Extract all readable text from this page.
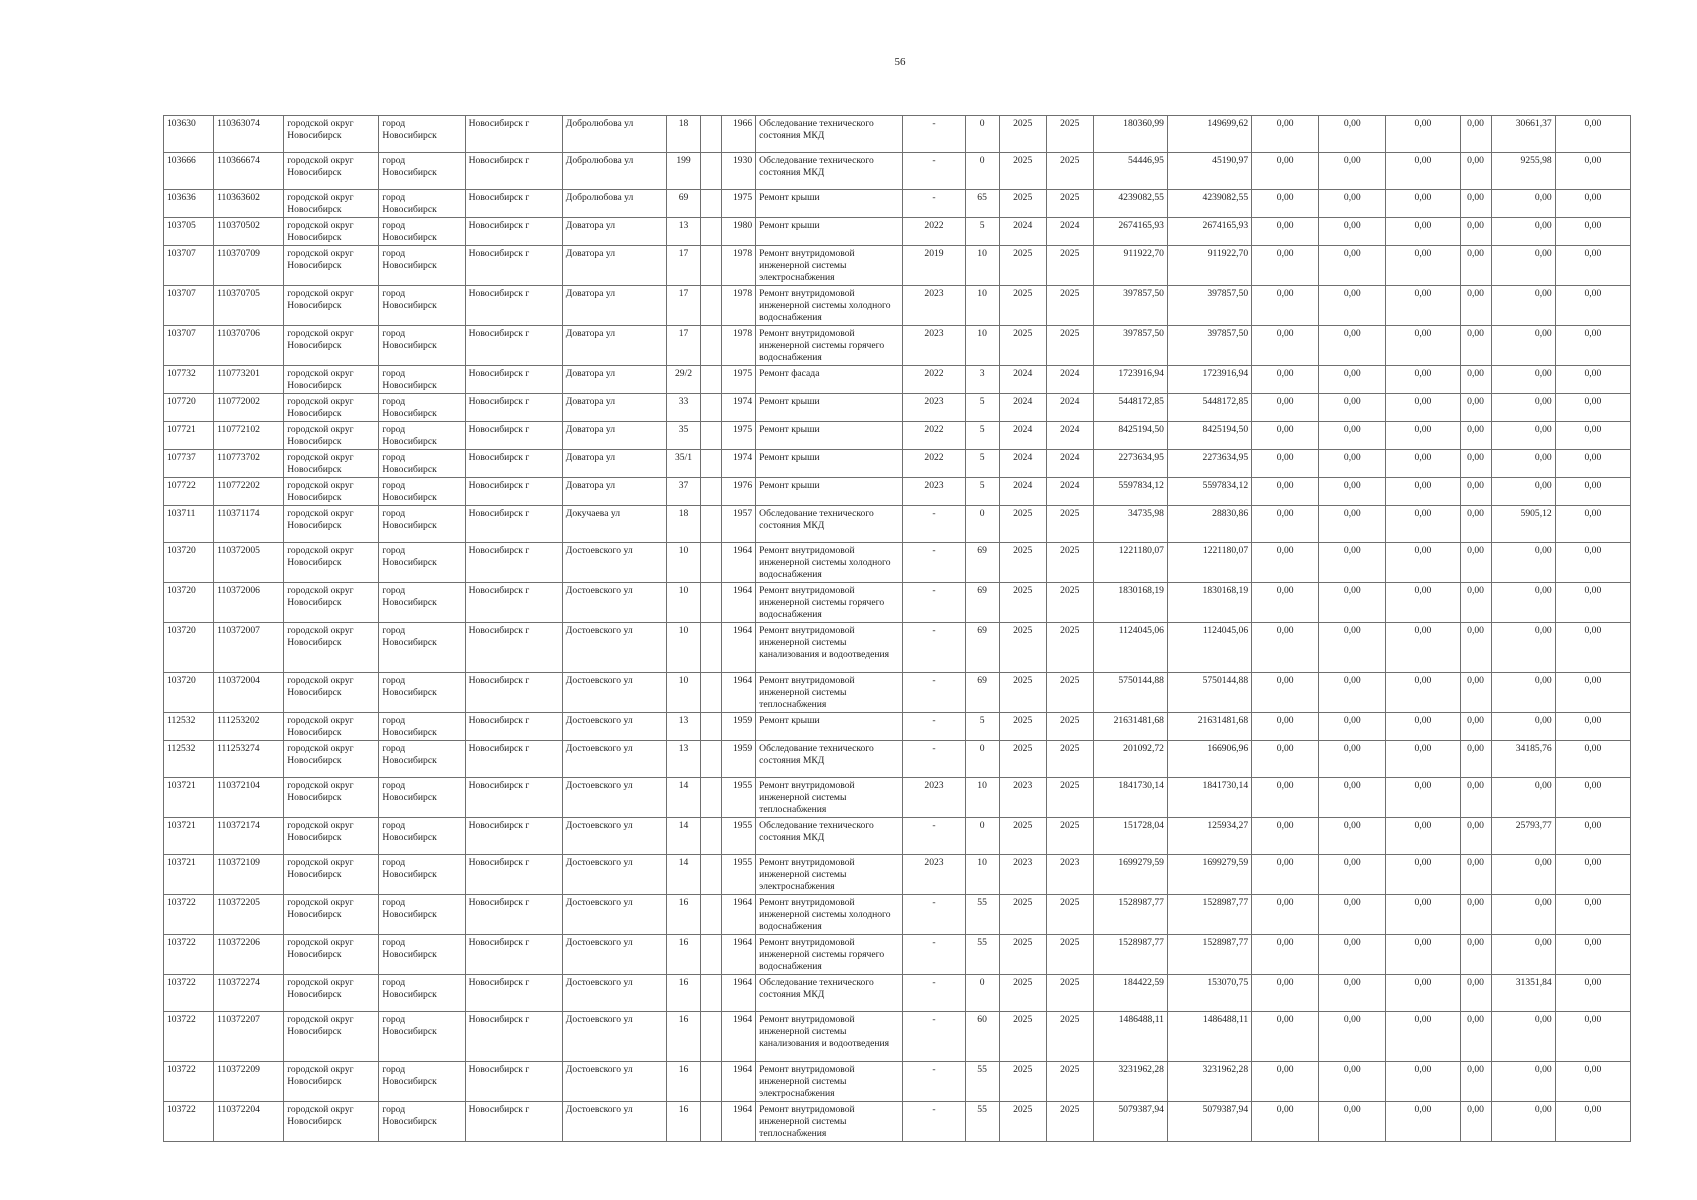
56
103630	110363074	городской округ Новосибирск	город Новосибирск	Новосибирск г	Добролюбова ул	18		1966	Обследование технического состояния МКД	-	0	2025	2025	180360,99	149699,62	0,00	0,00	0,00	0,00	30661,37	0,00
103666	110366674	городской округ Новосибирск	город Новосибирск	Новосибирск г	Добролюбова ул	199		1930	Обследование технического состояния МКД	-	0	2025	2025	54446,95	45190,97	0,00	0,00	0,00	0,00	9255,98	0,00
103636	110363602	городской округ Новосибирск	город Новосибирск	Новосибирск г	Добролюбова ул	69		1975	Ремонт крыши	-	65	2025	2025	4239082,55	4239082,55	0,00	0,00	0,00	0,00	0,00	0,00
103705	110370502	городской округ Новосибирск	город Новосибирск	Новосибирск г	Доватора ул	13		1980	Ремонт крыши	2022	5	2024	2024	2674165,93	2674165,93	0,00	0,00	0,00	0,00	0,00	0,00
103707	110370709	городской округ Новосибирск	город Новосибирск	Новосибирск г	Доватора ул	17		1978	Ремонт внутридомовой инженерной системы электроснабжения	2019	10	2025	2025	911922,70	911922,70	0,00	0,00	0,00	0,00	0,00	0,00
103707	110370705	городской округ Новосибирск	город Новосибирск	Новосибирск г	Доватора ул	17		1978	Ремонт внутридомовой инженерной системы холодного водоснабжения	2023	10	2025	2025	397857,50	397857,50	0,00	0,00	0,00	0,00	0,00	0,00
103707	110370706	городской округ Новосибирск	город Новосибирск	Новосибирск г	Доватора ул	17		1978	Ремонт внутридомовой инженерной системы горячего водоснабжения	2023	10	2025	2025	397857,50	397857,50	0,00	0,00	0,00	0,00	0,00	0,00
107732	110773201	городской округ Новосибирск	город Новосибирск	Новосибирск г	Доватора ул	29/2		1975	Ремонт фасада	2022	3	2024	2024	1723916,94	1723916,94	0,00	0,00	0,00	0,00	0,00	0,00
107720	110772002	городской округ Новосибирск	город Новосибирск	Новосибирск г	Доватора ул	33		1974	Ремонт крыши	2023	5	2024	2024	5448172,85	5448172,85	0,00	0,00	0,00	0,00	0,00	0,00
107721	110772102	городской округ Новосибирск	город Новосибирск	Новосибирск г	Доватора ул	35		1975	Ремонт крыши	2022	5	2024	2024	8425194,50	8425194,50	0,00	0,00	0,00	0,00	0,00	0,00
107737	110773702	городской округ Новосибирск	город Новосибирск	Новосибирск г	Доватора ул	35/1		1974	Ремонт крыши	2022	5	2024	2024	2273634,95	2273634,95	0,00	0,00	0,00	0,00	0,00	0,00
107722	110772202	городской округ Новосибирск	город Новосибирск	Новосибирск г	Доватора ул	37		1976	Ремонт крыши	2023	5	2024	2024	5597834,12	5597834,12	0,00	0,00	0,00	0,00	0,00	0,00
103711	110371174	городской округ Новосибирск	город Новосибирск	Новосибирск г	Докучаева ул	18		1957	Обследование технического состояния МКД	-	0	2025	2025	34735,98	28830,86	0,00	0,00	0,00	0,00	5905,12	0,00
103720	110372005	городской округ Новосибирск	город Новосибирск	Новосибирск г	Достоевского ул	10		1964	Ремонт внутридомовой инженерной системы холодного водоснабжения	-	69	2025	2025	1221180,07	1221180,07	0,00	0,00	0,00	0,00	0,00	0,00
103720	110372006	городской округ Новосибирск	город Новосибирск	Новосибирск г	Достоевского ул	10		1964	Ремонт внутридомовой инженерной системы горячего водоснабжения	-	69	2025	2025	1830168,19	1830168,19	0,00	0,00	0,00	0,00	0,00	0,00
103720	110372007	городской округ Новосибирск	город Новосибирск	Новосибирск г	Достоевского ул	10		1964	Ремонт внутридомовой инженерной системы канализования и водоотведения	-	69	2025	2025	1124045,06	1124045,06	0,00	0,00	0,00	0,00	0,00	0,00
103720	110372004	городской округ Новосибирск	город Новосибирск	Новосибирск г	Достоевского ул	10		1964	Ремонт внутридомовой инженерной системы теплоснабжения	-	69	2025	2025	5750144,88	5750144,88	0,00	0,00	0,00	0,00	0,00	0,00
112532	111253202	городской округ Новосибирск	город Новосибирск	Новосибирск г	Достоевского ул	13		1959	Ремонт крыши	-	5	2025	2025	21631481,68	21631481,68	0,00	0,00	0,00	0,00	0,00	0,00
112532	111253274	городской округ Новосибирск	город Новосибирск	Новосибирск г	Достоевского ул	13		1959	Обследование технического состояния МКД	-	0	2025	2025	201092,72	166906,96	0,00	0,00	0,00	0,00	34185,76	0,00
103721	110372104	городской округ Новосибирск	город Новосибирск	Новосибирск г	Достоевского ул	14		1955	Ремонт внутридомовой инженерной системы теплоснабжения	2023	10	2023	2025	1841730,14	1841730,14	0,00	0,00	0,00	0,00	0,00	0,00
103721	110372174	городской округ Новосибирск	город Новосибирск	Новосибирск г	Достоевского ул	14		1955	Обследование технического состояния МКД	-	0	2025	2025	151728,04	125934,27	0,00	0,00	0,00	0,00	25793,77	0,00
103721	110372109	городской округ Новосибирск	город Новосибирск	Новосибирск г	Достоевского ул	14		1955	Ремонт внутридомовой инженерной системы электроснабжения	2023	10	2023	2023	1699279,59	1699279,59	0,00	0,00	0,00	0,00	0,00	0,00
103722	110372205	городской округ Новосибирск	город Новосибирск	Новосибирск г	Достоевского ул	16		1964	Ремонт внутридомовой инженерной системы холодного водоснабжения	-	55	2025	2025	1528987,77	1528987,77	0,00	0,00	0,00	0,00	0,00	0,00
103722	110372206	городской округ Новосибирск	город Новосибирск	Новосибирск г	Достоевского ул	16		1964	Ремонт внутридомовой инженерной системы горячего водоснабжения	-	55	2025	2025	1528987,77	1528987,77	0,00	0,00	0,00	0,00	0,00	0,00
103722	110372274	городской округ Новосибирск	город Новосибирск	Новосибирск г	Достоевского ул	16		1964	Обследование технического состояния МКД	-	0	2025	2025	184422,59	153070,75	0,00	0,00	0,00	0,00	31351,84	0,00
103722	110372207	городской округ Новосибирск	город Новосибирск	Новосибирск г	Достоевского ул	16		1964	Ремонт внутридомовой инженерной системы канализования и водоотведения	-	60	2025	2025	1486488,11	1486488,11	0,00	0,00	0,00	0,00	0,00	0,00
103722	110372209	городской округ Новосибирск	город Новосибирск	Новосибирск г	Достоевского ул	16		1964	Ремонт внутридомовой инженерной системы электроснабжения	-	55	2025	2025	3231962,28	3231962,28	0,00	0,00	0,00	0,00	0,00	0,00
103722	110372204	городской округ Новосибирск	город Новосибирск	Новосибирск г	Достоевского ул	16		1964	Ремонт внутридомовой инженерной системы теплоснабжения	-	55	2025	2025	5079387,94	5079387,94	0,00	0,00	0,00	0,00	0,00	0,00
